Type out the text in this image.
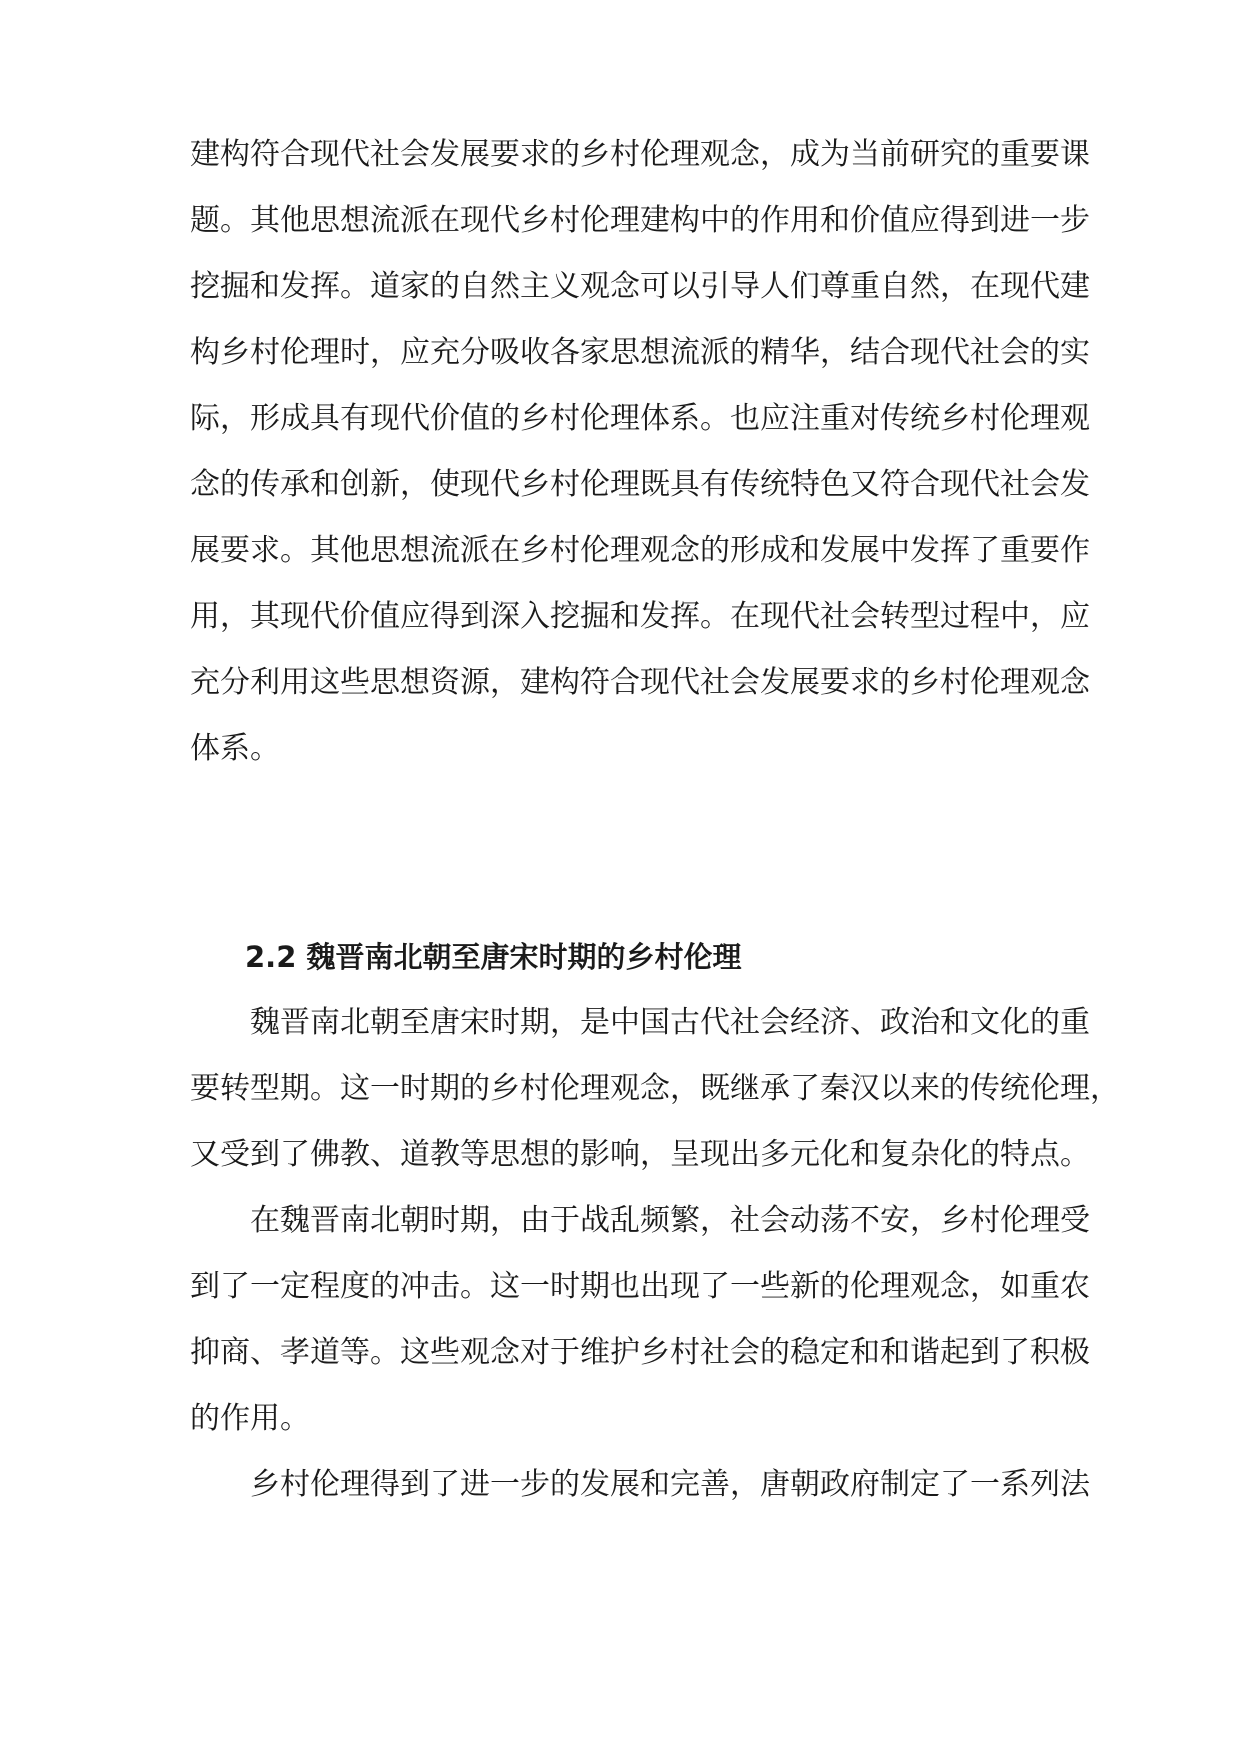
建构符合现代社会发展要求的乡村伦理观念，成为当前研究的重要课
题。其他思想流派在现代乡村伦理建构中的作用和价值应得到进一步
挖掘和发挥。道家的自然主义观念可以引导人们尊重自然，在现代建
构乡村伦理时，应充分吸收各家思想流派的精华，结合现代社会的实
际，形成具有现代价值的乡村伦理体系。也应注重对传统乡村伦理观
念的传承和创新，使现代乡村伦理既具有传统特色又符合现代社会发
展要求。其他思想流派在乡村伦理观念的形成和发展中发挥了重要作
用，其现代价值应得到深入挖掘和发挥。在现代社会转型过程中，应
充分利用这些思想资源，建构符合现代社会发展要求的乡村伦理观念
体系。
2.2 魏晋南北朝至唐宋时期的乡村伦理
魏晋南北朝至唐宋时期，是中国古代社会经济、政治和文化的重
要转型期。这一时期的乡村伦理观念，既继承了秦汉以来的传统伦理，
又受到了佛教、道教等思想的影响，呈现出多元化和复杂化的特点。
在魏晋南北朝时期，由于战乱频繁，社会动荡不安，乡村伦理受
到了一定程度的冲击。这一时期也出现了一些新的伦理观念，如重农
抑商、孝道等。这些观念对于维护乡村社会的稳定和和谐起到了积极
的作用。
乡村伦理得到了进一步的发展和完善，唐朝政府制定了一系列法
